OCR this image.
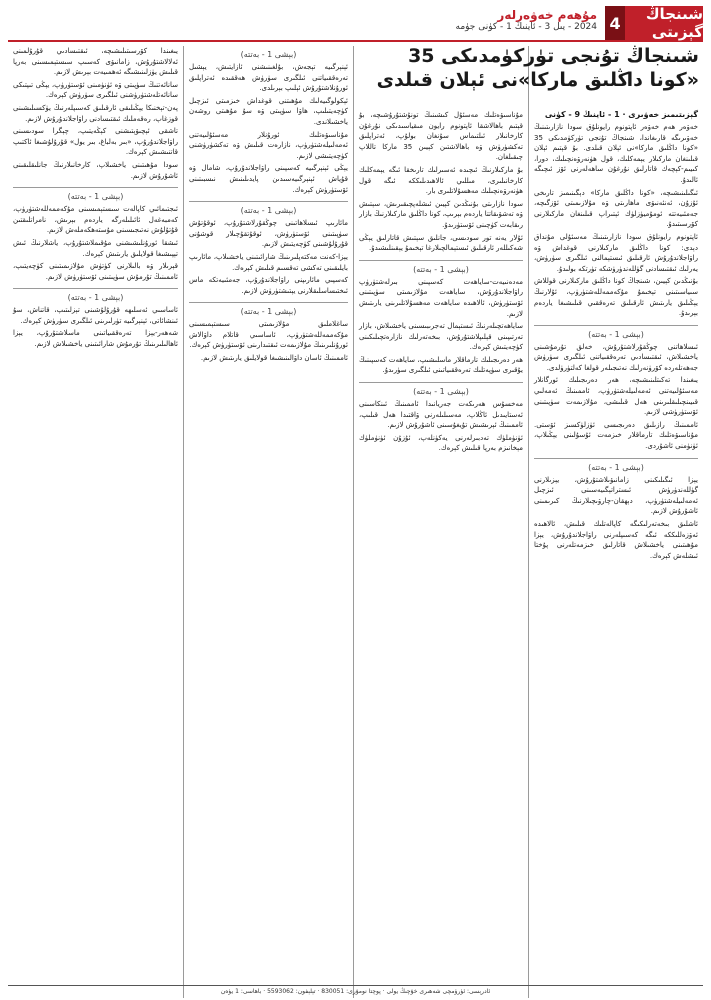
شىنجاڭ گېزىتى
4
مۇھەم خەۋەرلەر
2024 - يىل 3 - ئاينىڭ 1 - كۈنى جۈمە
شىنجاڭ تۇنجى تۈركۈمدىكى 35 «كونا داڭلىق ماركا»نى ئېلان قىلدى
گېزىتىمىز خەۋىرى · 1 - ئاينىڭ 9 - كۈنى

خەۋەر ھەم خەۋەر ئاپتونوم رايونلۇق سودا نازارىتىنىڭ خەۋىرىگە قارىغاندا، شىنجاڭ تۇنجى تۈركۈمدىكى 35 «كونا داڭلىق ماركا»نى ئېلان قىلدى. بۇ قېتىم ئېلان قىلىنغان ماركىلار يېمەكلىك، قول ھۈنەرۋەنچىلىك، دورا، كىيىم-كېچەك قاتارلىق نۇرغۇن ساھەلەرنى ئۆز ئىچىگە ئالىدۇ.

ئىگىلىنىشىچە، «كونا داڭلىق ماركا» دېگىنىمىز تارىخى ئۇزۇن، ئەنئەنىۋى ماھارىتى ۋە مۇلازىمىتى ئۆزگىچە، جەمئىيەتتە ئومۇميۈزلۈك ئېتىراپ قىلىنغان ماركىلارنى كۆرسىتىدۇ.

ئاپتونوم رايونلۇق سودا نازارىتىنىڭ مەسئۇلى مۇنداق دېدى: كونا داڭلىق ماركىلارنى قوغداش ۋە راۋاجلاندۇرۇش ئارقىلىق ئىستېمالنى ئىلگىرى سۈرۈش، يەرلىك ئىقتىسادنى گۈللەندۈرۈشكە تۈرتكە بولىدۇ.

بۇنىڭدىن كېيىن، شىنجاڭ كونا داڭلىق ماركىلارنى قوللاش سىياسىتىنى تېخىمۇ مۇكەممەللەشتۈرۈپ، ئۇلارنىڭ يېڭىلىق يارىتىش ئارقىلىق تەرەققىي قىلىشىغا ياردەم بېرىدۇ.

(بېشى 1 - بەتتە)

ئىسلاھاتنى چوڭقۇرلاشتۇرۇش، خەلق تۇرمۇشىنى ياخشىلاش، ئىقتىسادىي تەرەققىياتنى ئىلگىرى سۈرۈش جەھەتلەردە كۆرۈنەرلىك نەتىجىلەر قولغا كەلتۈرۈلدى.

يىغىندا تەكىتلىنىشىچە، ھەر دەرىجىلىك ئورگانلار مەسئۇلىيەتنى ئەمەلىيلەشتۈرۈپ، ئاممىنىڭ ئەمەلىي قىيىنچىلىقلىرىنى ھەل قىلىشى، مۇلازىمەت سۈپىتىنى ئۆستۈرۈشى لازىم.

ئاممىنىڭ رازىلىق دەرىجىسى ئۈزلۈكسىز ئۆستى. مۇناسىۋەتلىك تارماقلار خىزمەت ئۇسۇلىنى يېڭىلاپ، ئۈنۈمنى ئاشۇردى.

(بېشى 1 - بەتتە)

يېزا ئىگىلىكىنى زامانىۋىلاشتۇرۇش، يېزىلارنى گۈللەندۈرۈش ئىستراتېگىيەسىنى ئىزچىل ئەمەلىيلەشتۈرۈپ، دېھقان-چارۋىچىلارنىڭ كىرىمىنى ئاشۇرۇش لازىم.

ئاشلىق بىخەتەرلىكىگە كاپالەتلىك قىلىش، ئالاھىدە ئەۋزەللىككە ئىگە كەسىپلەرنى راۋاجلاندۇرۇش، يېزا مۇھىتىنى ياخشىلاش قاتارلىق خىزمەتلەرنى پۇختا ئىشلەش كېرەك.

مۇناسىۋەتلىك مەسئۇل كىشىنىڭ تونۇشتۇرۇشىچە، بۇ قېتىم باھالاشقا ئاپتونوم رايون مىقياسىدىكى نۇرغۇن كارخانىلار ئىلتىماس سۇنغان بولۇپ، ئەتراپلىق تەكشۈرۈش ۋە باھالاشتىن كېيىن 35 ماركا تاللاپ چىقىلغان.

بۇ ماركىلارنىڭ ئىچىدە ئەسىرلىك تارىخقا ئىگە يېمەكلىك كارخانىلىرى، مىللىي ئالاھىدىلىككە ئىگە قول ھۈنەرۋەنچىلىك مەھسۇلاتلىرى بار.

سودا نازارىتى بۇنىڭدىن كېيىن ئىشلەپچىقىرىش، سېتىش ۋە تەشۋىقاتتا ياردەم بېرىپ، كونا داڭلىق ماركىلارنىڭ بازار رىقابەت كۈچىنى ئۆستۈرىدۇ.

ئۇلار يەنە تور سودىسى، جانلىق سېتىش قاتارلىق يېڭى شەكىللەر ئارقىلىق ئىستېمالچىلارغا تېخىمۇ يېقىنلىشىدۇ.

(بېشى 1 - بەتتە)

مەدەنىيەت-ساياھەت كەسپىنى بىرلەشتۈرۈپ راۋاجلاندۇرۇش، ساياھەت مۇلازىمىتى سۈپىتىنى ئۆستۈرۈش، ئالاھىدە ساياھەت مەھسۇلاتلىرىنى يارىتىش لازىم.

ساياھەتچىلەرنىڭ ئىستېمال تەجرىبىسىنى ياخشىلاش، بازار تەرتىپىنى قېلىپلاشتۇرۇش، بىخەتەرلىك نازارەتچىلىكىنى كۈچەيتىش كېرەك.

ھەر دەرىجىلىك تارماقلار ماسلىشىپ، ساياھەت كەسپىنىڭ يۇقىرى سۈپەتلىك تەرەققىياتىنى ئىلگىرى سۈرىدۇ.

(بېشى 1 - بەتتە)

مەخسۇس ھەرىكەت جەريانىدا ئاممىنىڭ ئىنكاسىنى ئەستايىدىل ئاڭلاپ، مەسىلىلەرنى ۋاقتىدا ھەل قىلىپ، ئاممىنىڭ ئېرىشىش تۇيغۇسىنى ئاشۇرۇش لازىم.

ئۈنۈملۈك تەدبىرلەرنى يەكۈنلەپ، ئۇزۇن ئۈنۈملۈك مېخانىزم بەرپا قىلىش كېرەك.

(بېشى 1 - بەتتە)

ئېنېرگىيە تېجەش، بۇلغىنىشنى ئازايتىش، يېشىل تەرەققىياتنى ئىلگىرى سۈرۈش ھەققىدە ئەتراپلىق ئورۇنلاشتۇرۇش ئېلىپ بېرىلدى.

ئېكولوگىيەلىك مۇھىتنى قوغداش خىزمىتى ئىزچىل كۈچەيتىلىپ، ھاۋا سۈپىتى ۋە سۇ مۇھىتى روشەن ياخشىلاندى.

مۇناسىۋەتلىك ئورۇنلار مەسئۇلىيەتنى ئەمەلىيلەشتۈرۈپ، نازارەت قىلىش ۋە تەكشۈرۈشنى كۈچەيتىشى لازىم.

يېڭى ئېنېرگىيە كەسپىنى راۋاجلاندۇرۇپ، شامال ۋە قۇياش ئېنېرگىيەسىدىن پايدىلىنىش نىسبىتىنى ئۆستۈرۈش كېرەك.

(بېشى 1 - بەتتە)

مائارىپ ئىسلاھاتىنى چوڭقۇرلاشتۇرۇپ، ئوقۇتۇش سۈپىتىنى ئۆستۈرۈش، ئوقۇتقۇچىلار قوشۇنى قۇرۇلۇشىنى كۈچەيتىش لازىم.

يېزا-كەنت مەكتەپلىرىنىڭ شارائىتىنى ياخشىلاپ، مائارىپ بايلىقىنى تەكشى تەقسىم قىلىش كېرەك.

كەسپىي مائارىپنى راۋاجلاندۇرۇپ، جەمئىيەتكە ماس ئىختىساسلىقلارنى يېتىشتۈرۈش لازىم.

(بېشى 1 - بەتتە)

ساغلاملىق مۇلازىمىتى سىستېمىسىنى مۇكەممەللەشتۈرۈپ، ئاساسىي قاتلام داۋالاش ئورۇنلىرىنىڭ مۇلازىمەت ئىقتىدارىنى ئۆستۈرۈش كېرەك.

ئاممىنىڭ ئاسان داۋالىنىشىغا قولايلىق يارىتىش لازىم.

يىغىندا كۆرسىتىلىشىچە، ئىقتىسادىي قۇرۇلمىنى ئەلالاشتۇرۇش، زامانىۋى كەسىپ سىستېمىسىنى بەرپا قىلىش يۈزلىنىشىگە ئەھمىيەت بېرىش لازىم.

سانائەتنىڭ سۈپىتى ۋە ئۈنۈمىنى ئۆستۈرۈپ، يېڭى تىپتىكى سانائەتلەشتۈرۈشنى ئىلگىرى سۈرۈش كېرەك.

پەن-تېخنىكا يېڭىلىقى ئارقىلىق كەسىپلەرنىڭ يۈكسىلىشىنى قوزغاپ، رەقەملىك ئىقتىسادنى راۋاجلاندۇرۇش لازىم.

تاشقى ئېچىۋېتىشنى كېڭەيتىپ، چېگرا سودىسىنى راۋاجلاندۇرۇپ، «بىر بەلباغ، بىر يول» قۇرۇلۇشىغا ئاكتىپ قاتنىشىش كېرەك.

سودا مۇھىتىنى ياخشىلاپ، كارخانىلارنىڭ جانلىقلىقىنى ئاشۇرۇش لازىم.

(بېشى 1 - بەتتە)

ئىجتىمائىي كاپالەت سىستېمىسىنى مۇكەممەللەشتۈرۈپ، كەمبەغەل ئائىلىلەرگە ياردەم بېرىش، نامراتلىقتىن قۇتۇلۇش نەتىجىسىنى مۇستەھكەملەش لازىم.

ئىشقا ئورۇنلىشىشنى مۇقىملاشتۇرۇپ، ياشلارنىڭ ئىش تېپىشىغا قولايلىق يارىتىش كېرەك.

قېرىلار ۋە بالىلارنى كۈتۈش مۇلازىمىتىنى كۈچەيتىپ، ئاممىنىڭ تۇرمۇش سۈپىتىنى ئۆستۈرۈش لازىم.

(بېشى 1 - بەتتە)

ئاساسىي ئەسلىھە قۇرۇلۇشىنى تېزلىتىپ، قاتناش، سۇ ئىنشائاتى، ئېنېرگىيە تۈرلىرىنى ئىلگىرى سۈرۈش كېرەك.

شەھەر-يېزا تەرەققىياتىنى ماسلاشتۇرۇپ، يېزا ئاھالىلىرىنىڭ تۇرمۇش شارائىتىنى ياخشىلاش لازىم.

ئادرېسى: ئۈرۈمچى شەھىرى خۇچىڭ يولى · پوچتا نومۇرى: 830051 · تېلېفون: 5593062 · باھاسى: 1 يۈەن
